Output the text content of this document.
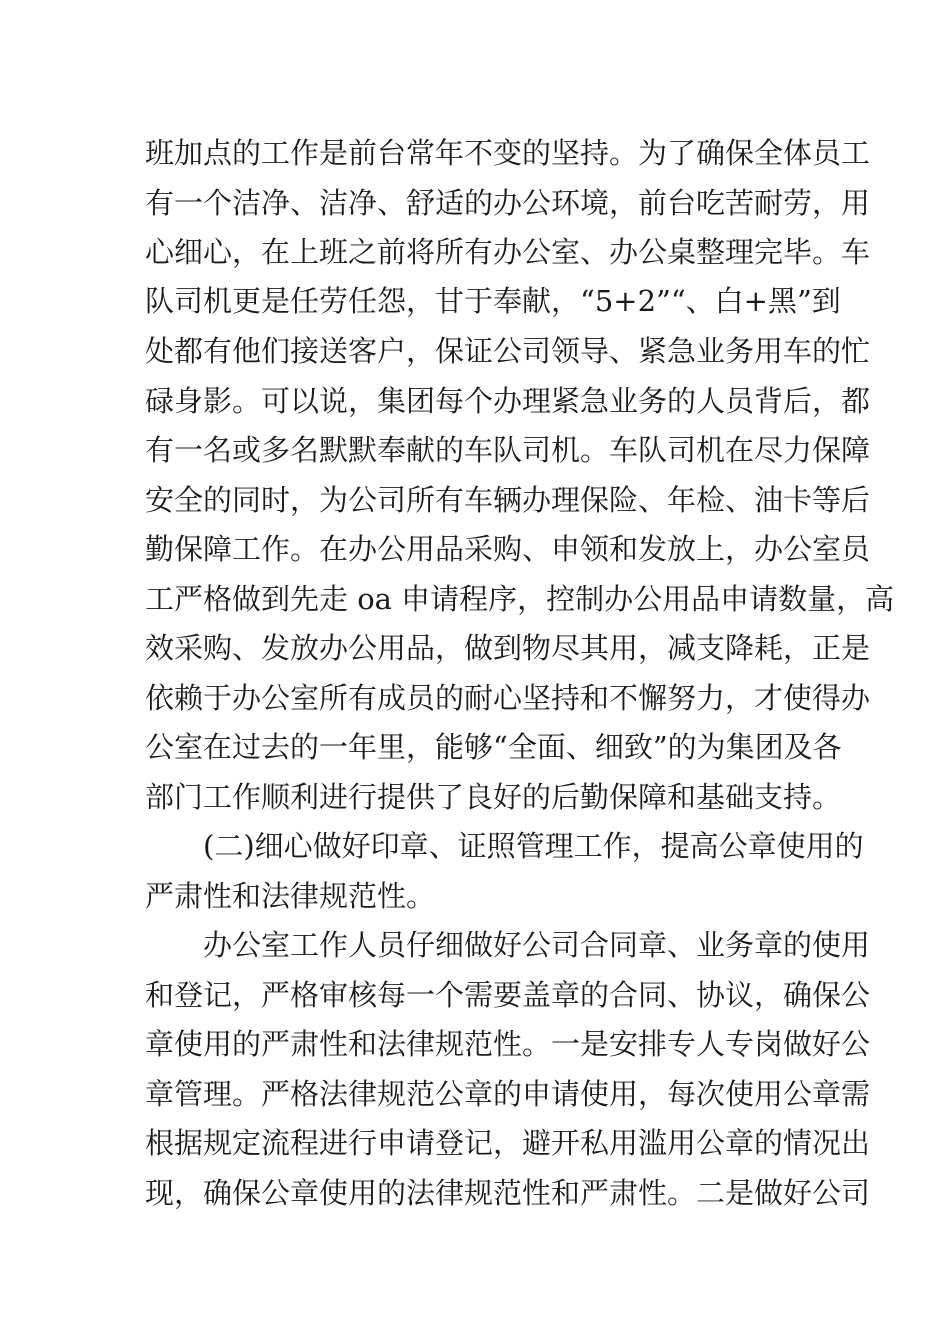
班加点的工作是前台常年不变的坚持。为了确保全体员工
有一个洁净、洁净、舒适的办公环境，前台吃苦耐劳，用
心细心，在上班之前将所有办公室、办公桌整理完毕。车
队司机更是任劳任怨，甘于奉献，“5+2”“、白+黑”到
处都有他们接送客户，保证公司领导、紧急业务用车的忙
碌身影。可以说，集团每个办理紧急业务的人员背后，都
有一名或多名默默奉献的车队司机。车队司机在尽力保障
安全的同时，为公司所有车辆办理保险、年检、油卡等后
勤保障工作。在办公用品采购、申领和发放上，办公室员
工严格做到先走 oa 申请程序，控制办公用品申请数量，高
效采购、发放办公用品，做到物尽其用，减支降耗，正是
依赖于办公室所有成员的耐心坚持和不懈努力，才使得办
公室在过去的一年里，能够“全面、细致”的为集团及各
部门工作顺利进行提供了良好的后勤保障和基础支持。
(二)细心做好印章、证照管理工作，提高公章使用的
严肃性和法律规范性。
办公室工作人员仔细做好公司合同章、业务章的使用
和登记，严格审核每一个需要盖章的合同、协议，确保公
章使用的严肃性和法律规范性。一是安排专人专岗做好公
章管理。严格法律规范公章的申请使用，每次使用公章需
根据规定流程进行申请登记，避开私用滥用公章的情况出
现，确保公章使用的法律规范性和严肃性。二是做好公司
